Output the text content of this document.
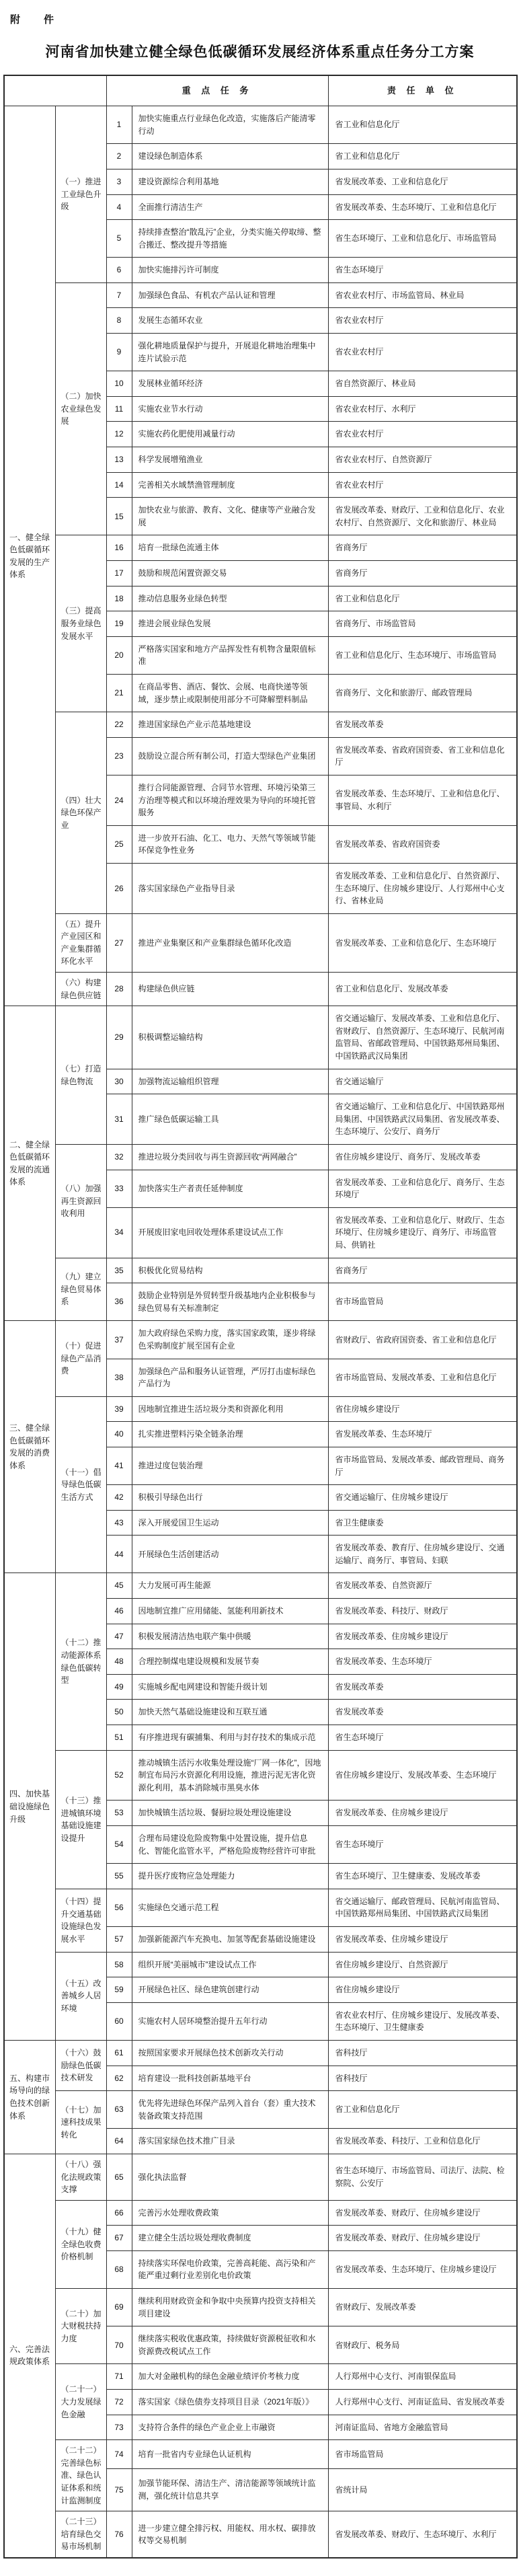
附　件
河南省加快建立健全绿色低碳循环发展经济体系重点任务分工方案
		重 点 任 务		责 任 单 位
一、健全绿色低碳循环发展的生产体系	（一）推进工业绿色升级	1	加快实施重点行业绿色化改造，实施落后产能清零行动	省工业和信息化厅
		2	建设绿色制造体系	省工业和信息化厅
		3	建设资源综合利用基地	省发展改革委、工业和信息化厅
		4	全面推行清洁生产	省发展改革委、生态环境厅、工业和信息化厅
		5	持续排查整治“散乱污”企业，分类实施关停取缔、整合搬迁、整改提升等措施	省生态环境厅、工业和信息化厅、市场监管局
		6	加快实施排污许可制度	省生态环境厅
	（二）加快农业绿色发展	7	加强绿色食品、有机农产品认证和管理	省农业农村厅、市场监管局、林业局
		8	发展生态循环农业	省农业农村厅
		9	强化耕地质量保护与提升，开展退化耕地治理集中连片试验示范	省农业农村厅
		10	发展林业循环经济	省自然资源厅、林业局
		11	实施农业节水行动	省农业农村厅、水利厅
		12	实施农药化肥使用减量行动	省农业农村厅
		13	科学发展增殖渔业	省农业农村厅、自然资源厅
		14	完善相关水域禁渔管理制度	省农业农村厅
		15	加快农业与旅游、教育、文化、健康等产业融合发展	省发展改革委、财政厅、工业和信息化厅、农业农村厅、自然资源厅、文化和旅游厅、林业局
	（三）提高服务业绿色发展水平	16	培育一批绿色流通主体	省商务厅
		17	鼓励和规范闲置资源交易	省商务厅
		18	推动信息服务业绿色转型	省工业和信息化厅
		19	推进会展业绿色发展	省商务厅、市场监管局
		20	严格落实国家和地方产品挥发性有机物含量限值标准	省工业和信息化厅、生态环境厅、市场监管局
		21	在商品零售、酒店、餐饮、会展、电商快递等领域，逐步禁止或限制使用部分不可降解塑料制品	省商务厅、文化和旅游厅、邮政管理局
	（四）壮大绿色环保产业	22	推进国家绿色产业示范基地建设	省发展改革委
		23	鼓励设立混合所有制公司，打造大型绿色产业集团	省发展改革委、省政府国资委、省工业和信息化厅
		24	推行合同能源管理、合同节水管理、环境污染第三方治理等模式和以环境治理效果为导向的环境托管服务	省发展改革委、生态环境厅、工业和信息化厅、事管局、水利厅
		25	进一步放开石油、化工、电力、天然气等领域节能环保竞争性业务	省发展改革委、省政府国资委
		26	落实国家绿色产业指导目录	省发展改革委、工业和信息化厅、自然资源厅、生态环境厅、住房城乡建设厅、人行郑州中心支行、省林业局
	（五）提升产业园区和产业集群循环化水平	27	推进产业集聚区和产业集群绿色循环化改造	省发展改革委、工业和信息化厅、生态环境厅
	（六）构建绿色供应链	28	构建绿色供应链	省工业和信息化厅、发展改革委
二、健全绿色低碳循环发展的流通体系	（七）打造绿色物流	29	积极调整运输结构	省交通运输厅、发展改革委、工业和信息化厅、省财政厅、自然资源厅、生态环境厅、民航河南监管局、省邮政管理局、中国铁路郑州局集团、中国铁路武汉局集团
		30	加强物流运输组织管理	省交通运输厅
		31	推广绿色低碳运输工具	省交通运输厅、工业和信息化厅、中国铁路郑州局集团、中国铁路武汉局集团、省发展改革委、生态环境厅、公安厅、商务厅
	（八）加强再生资源回收利用	32	推进垃圾分类回收与再生资源回收“两网融合”	省住房城乡建设厅、商务厅、发展改革委
		33	加快落实生产者责任延伸制度	省发展改革委、工业和信息化厅、商务厅、生态环境厅
		34	开展废旧家电回收处理体系建设试点工作	省发展改革委、工业和信息化厅、财政厅、生态环境厅、住房城乡建设厅、商务厅、市场监管局、供销社
	（九）建立绿色贸易体系	35	积极优化贸易结构	省商务厅
		36	鼓励企业特别是外贸转型升级基地内企业积极参与绿色贸易有关标准制定	省市场监管局
三、健全绿色低碳循环发展的消费体系	（十）促进绿色产品消费	37	加大政府绿色采购力度，落实国家政策，逐步将绿色采购制度扩展至国有企业	省财政厅、省政府国资委、省工业和信息化厅
		38	加强绿色产品和服务认证管理，严厉打击虚标绿色产品行为	省市场监管局、发展改革委、工业和信息化厅
	（十一）倡导绿色低碳生活方式	39	因地制宜推进生活垃圾分类和资源化利用	省住房城乡建设厅
		40	扎实推进塑料污染全链条治理	省发展改革委、生态环境厅
		41	推进过度包装治理	省市场监管局、发展改革委、邮政管理局、商务厅
		42	积极引导绿色出行	省交通运输厅、住房城乡建设厅
		43	深入开展爱国卫生运动	省卫生健康委
		44	开展绿色生活创建活动	省发展改革委、教育厅、住房城乡建设厅、交通运输厅、商务厅、事管局、妇联
四、加快基础设施绿色升级	（十二）推动能源体系绿色低碳转型	45	大力发展可再生能源	省发展改革委、自然资源厅
		46	因地制宜推广应用储能、氢能利用新技术	省发展改革委、科技厅、财政厅
		47	积极发展清洁热电联产集中供暖	省发展改革委、住房城乡建设厅
		48	合理控制煤电建设规模和发展节奏	省发展改革委、生态环境厅
		49	实施城乡配电网建设和智能升级计划	省发展改革委
		50	加快天然气基础设施建设和互联互通	省发展改革委
		51	有序推进现有碳捕集、利用与封存技术的集成示范	省生态环境厅
	（十三）推进城镇环境基础设施建设提升	52	推动城镇生活污水收集处理设施“厂网一体化”，因地制宜布局污水资源化利用设施，推进污泥无害化资源化利用，基本消除城市黑臭水体	省住房城乡建设厅、发展改革委、生态环境厅
		53	加快城镇生活垃圾、餐厨垃圾处理设施建设	省发展改革委、住房城乡建设厅
		54	合理布局建设危险废物集中处置设施，提升信息化、智能化监管水平，严格危险废物经营许可审批	省生态环境厅
		55	提升医疗废物应急处理能力	省生态环境厅、卫生健康委、发展改革委
	（十四）提升交通基础设施绿色发展水平	56	实施绿色交通示范工程	省交通运输厅、邮政管理局、民航河南监管局、中国铁路郑州局集团、中国铁路武汉局集团
		57	加强新能源汽车充换电、加氢等配套基础设施建设	省发展改革委、住房城乡建设厅
	（十五）改善城乡人居环境	58	组织开展“美丽城市”建设试点工作	省住房城乡建设厅、自然资源厅
		59	开展绿色社区、绿色建筑创建行动	省住房城乡建设厅
		60	实施农村人居环境整治提升五年行动	省农业农村厅、住房城乡建设厅、发展改革委、生态环境厅、卫生健康委
五、构建市场导向的绿色技术创新体系	（十六）鼓励绿色低碳技术研发	61	按照国家要求开展绿色技术创新攻关行动	省科技厅
		62	培育建设一批科技创新基地平台	省科技厅
	（十七）加速科技成果转化	63	优先将先进绿色环保产品列入首台（套）重大技术装备政策支持范围	省工业和信息化厅
		64	落实国家绿色技术推广目录	省发展改革委、科技厅、工业和信息化厅
六、完善法规政策体系	（十八）强化法规政策支撑	65	强化执法监督	省生态环境厅、市场监管局、司法厅、法院、检察院、公安厅
	（十九）健全绿色收费价格机制	66	完善污水处理收费政策	省发展改革委、财政厅、住房城乡建设厅
		67	建立健全生活垃圾处理收费制度	省发展改革委、财政厅、住房城乡建设厅
		68	持续落实环保电价政策，完善高耗能、高污染和产能严重过剩行业差别化电价政策	省发展改革委、生态环境厅、住房城乡建设厅
	（二十）加大财税扶持力度	69	继续利用财政资金和争取中央预算内投资支持相关项目建设	省财政厅、发展改革委
		70	继续落实税收优惠政策，持续做好资源税征收和水资源费改税试点工作	省财政厅、税务局
	（二十一）大力发展绿色金融	71	加大对金融机构的绿色金融业绩评价考核力度	人行郑州中心支行、河南银保监局
		72	落实国家《绿色债券支持项目目录（2021年版）》	人行郑州中心支行、河南证监局、省发展改革委
		73	支持符合条件的绿色产业企业上市融资	河南证监局、省地方金融监管局
	（二十二）完善绿色标准、绿色认证体系和统计监测制度	74	培育一批省内专业绿色认证机构	省市场监管局
		75	加强节能环保、清洁生产、清洁能源等领域统计监测，强化统计信息共享	省统计局
	（二十三）培育绿色交易市场机制	76	进一步建立健全排污权、用能权、用水权、碳排放权等交易机制	省发展改革委、财政厅、生态环境厅、水利厅
